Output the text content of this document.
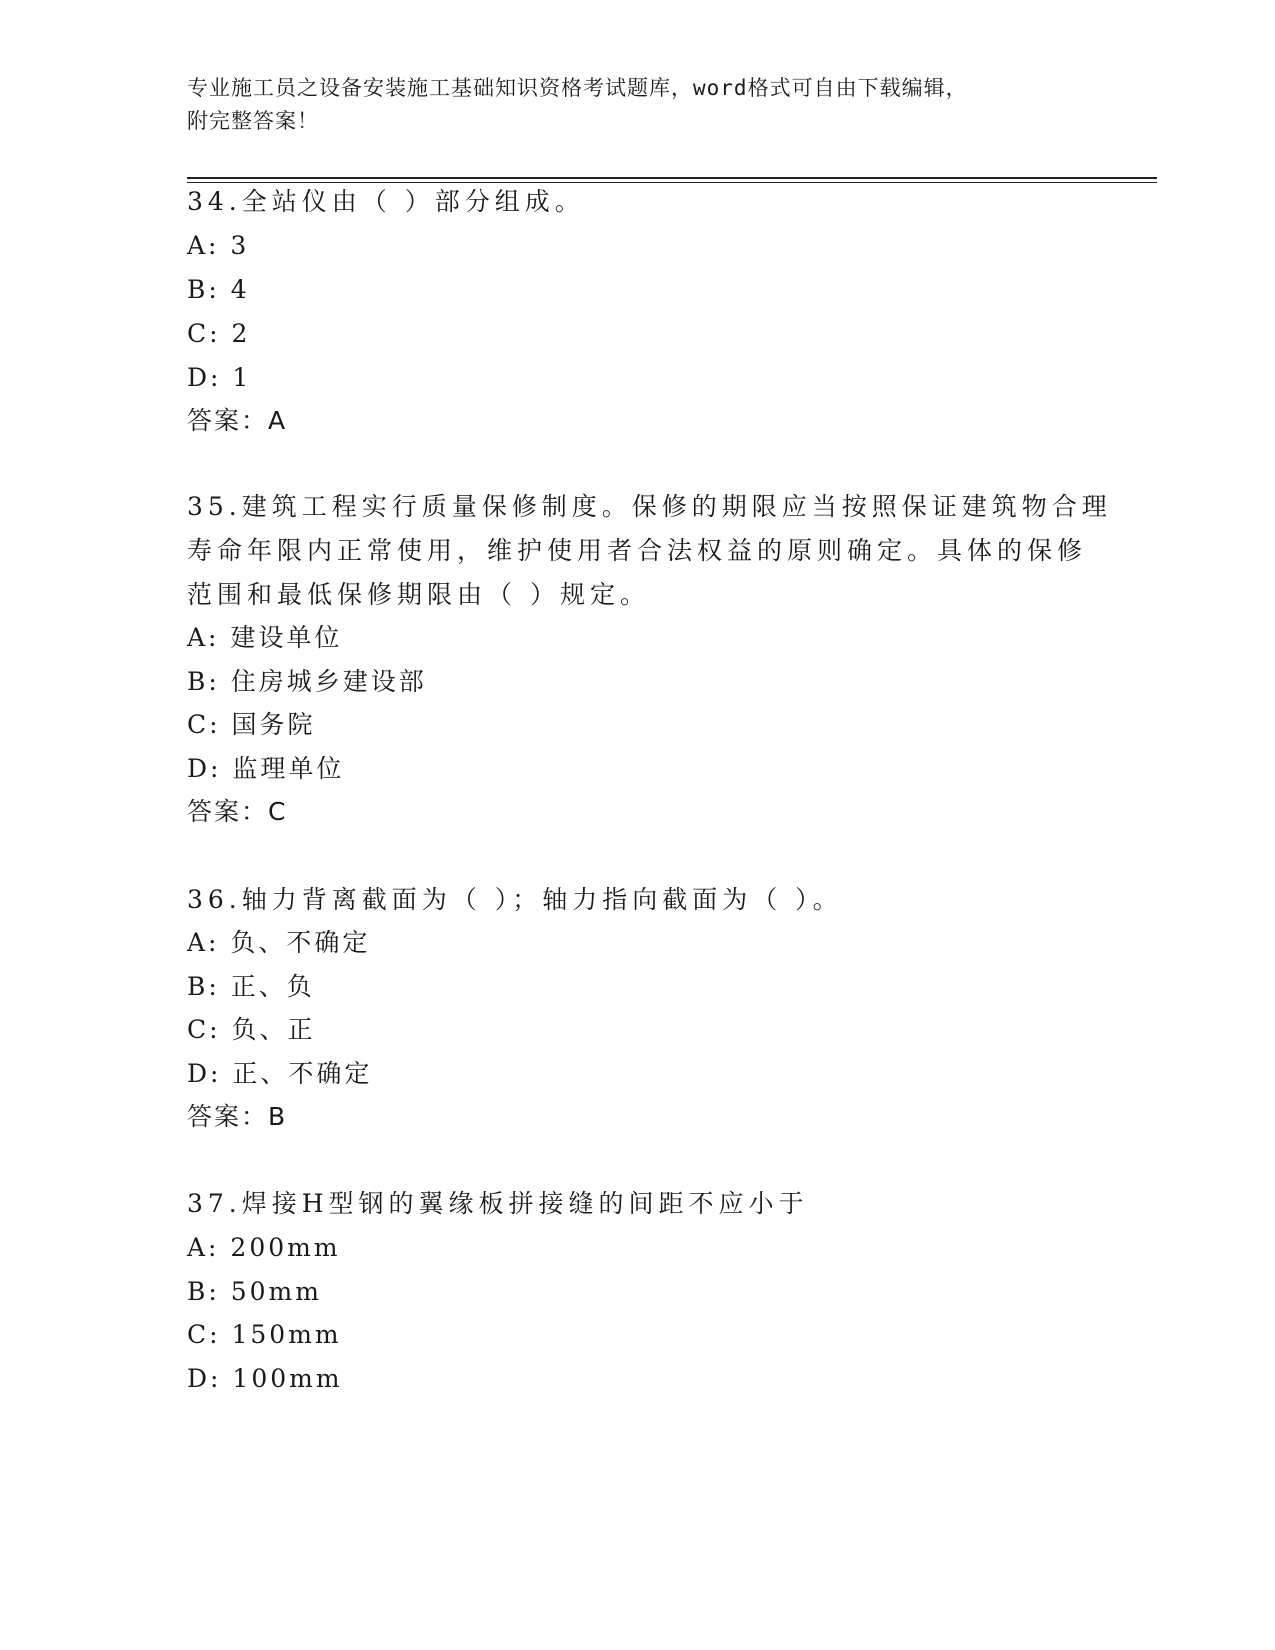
专业施工员之设备安装施工基础知识资格考试题库，word格式可自由下载编辑，
附完整答案！
34.全站仪由（ ）部分组成。
A: 3
B: 4
C: 2
D: 1
答案：A
35.建筑工程实行质量保修制度。保修的期限应当按照保证建筑物合理
寿命年限内正常使用，维护使用者合法权益的原则确定。具体的保修
范围和最低保修期限由（ ）规定。
A: 建设单位
B: 住房城乡建设部
C: 国务院
D: 监理单位
答案：C
36.轴力背离截面为（ ）；轴力指向截面为（ ）。
A: 负、不确定
B: 正、负
C: 负、正
D: 正、不确定
答案：B
37.焊接H型钢的翼缘板拼接缝的间距不应小于
A: 200mm
B: 50mm
C: 150mm
D: 100mm
